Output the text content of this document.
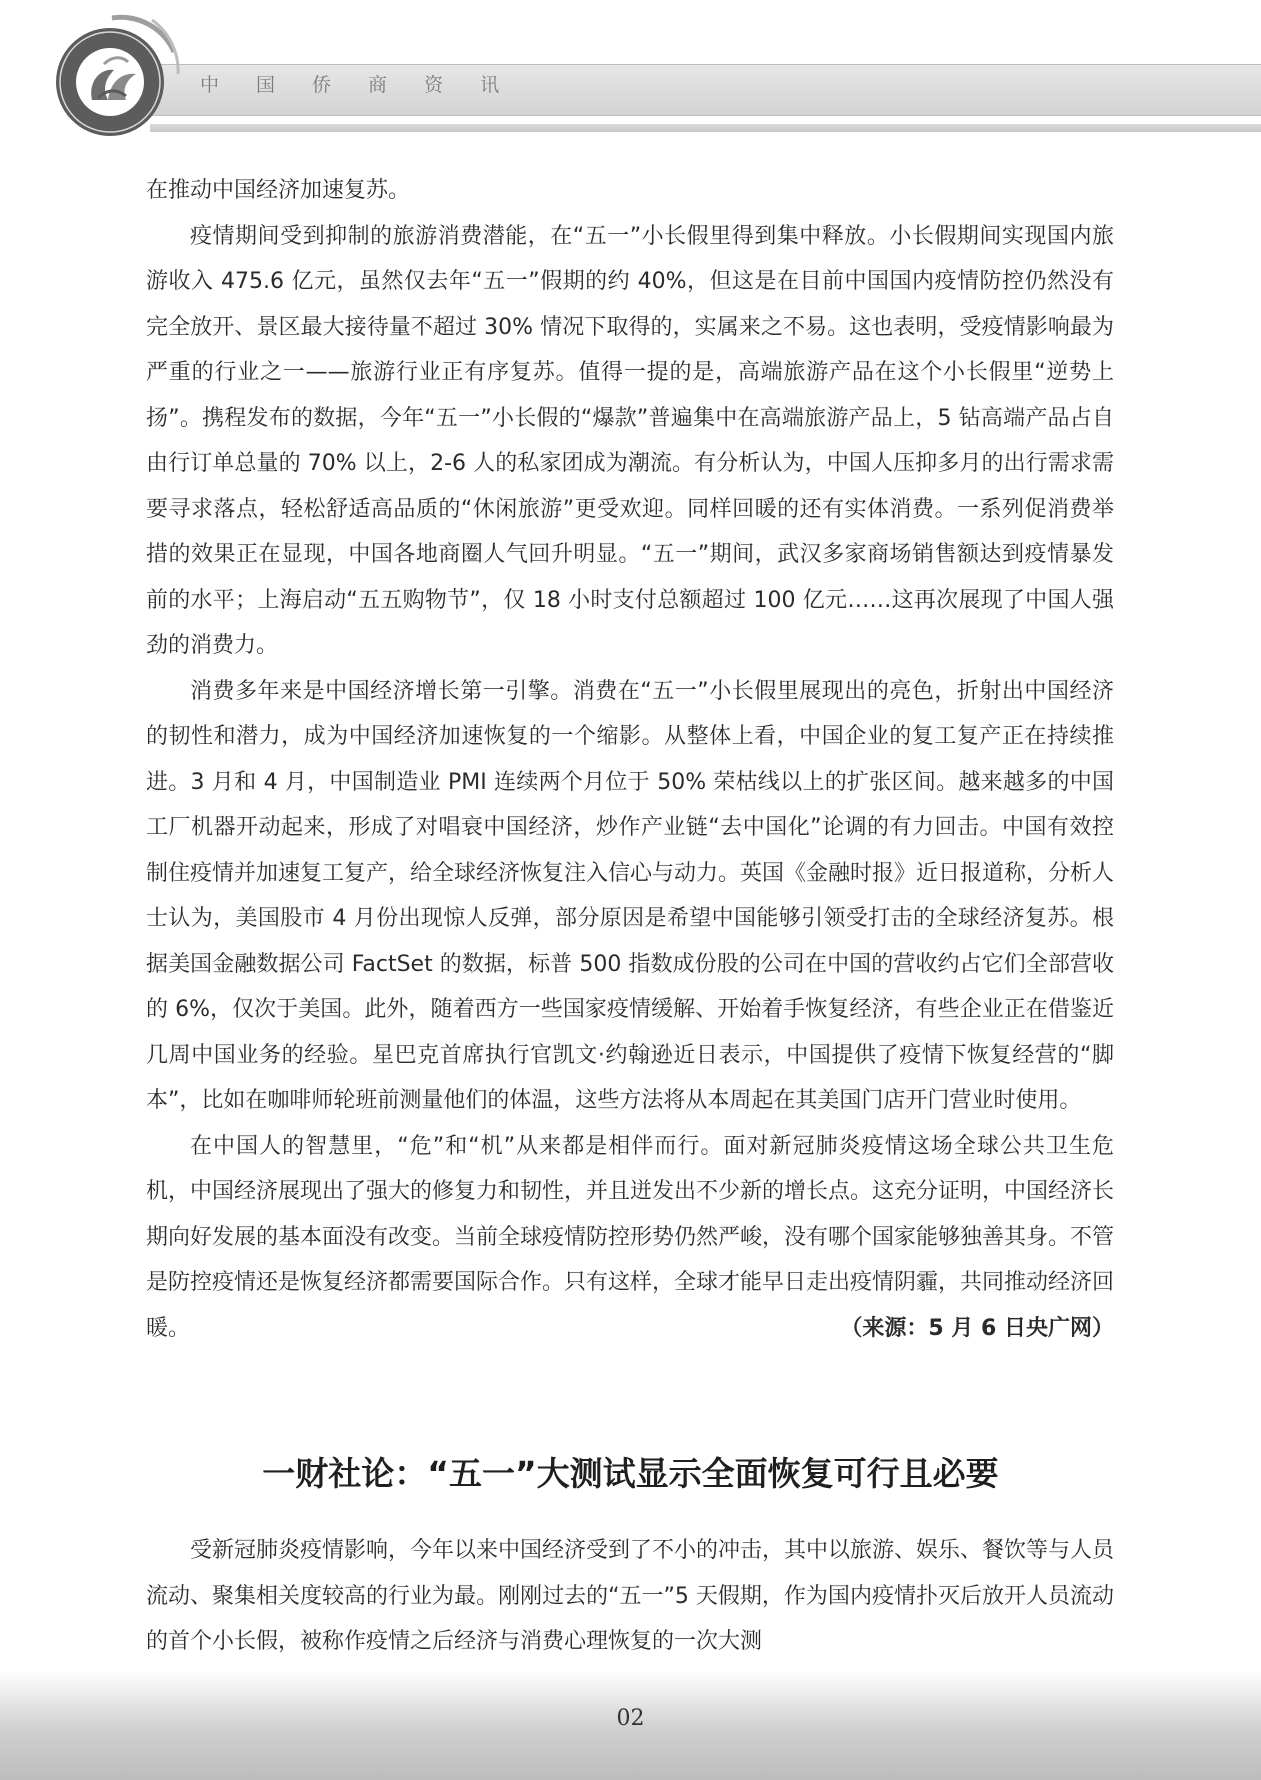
中 国 侨 商 资 讯

在推动中国经济加速复苏。

疫情期间受到抑制的旅游消费潜能，在“五一”小长假里得到集中释放。小长假期间实现国内旅游收入 475.6 亿元，虽然仅去年“五一”假期的约 40%，但这是在目前中国国内疫情防控仍然没有完全放开、景区最大接待量不超过 30% 情况下取得的，实属来之不易。这也表明，受疫情影响最为严重的行业之一——旅游行业正有序复苏。值得一提的是，高端旅游产品在这个小长假里“逆势上扬”。携程发布的数据，今年“五一”小长假的“爆款”普遍集中在高端旅游产品上，5 钻高端产品占自由行订单总量的 70% 以上，2-6 人的私家团成为潮流。有分析认为，中国人压抑多月的出行需求需要寻求落点，轻松舒适高品质的“休闲旅游”更受欢迎。同样回暖的还有实体消费。一系列促消费举措的效果正在显现，中国各地商圈人气回升明显。“五一”期间，武汉多家商场销售额达到疫情暴发前的水平；上海启动“五五购物节”，仅 18 小时支付总额超过 100 亿元……这再次展现了中国人强劲的消费力。

消费多年来是中国经济增长第一引擎。消费在“五一”小长假里展现出的亮色，折射出中国经济的韧性和潜力，成为中国经济加速恢复的一个缩影。从整体上看，中国企业的复工复产正在持续推进。3 月和 4 月，中国制造业 PMI 连续两个月位于 50% 荣枯线以上的扩张区间。越来越多的中国工厂机器开动起来，形成了对唱衰中国经济，炒作产业链“去中国化”论调的有力回击。中国有效控制住疫情并加速复工复产，给全球经济恢复注入信心与动力。英国《金融时报》近日报道称，分析人士认为，美国股市 4 月份出现惊人反弹，部分原因是希望中国能够引领受打击的全球经济复苏。根据美国金融数据公司 FactSet 的数据，标普 500 指数成份股的公司在中国的营收约占它们全部营收的 6%，仅次于美国。此外，随着西方一些国家疫情缓解、开始着手恢复经济，有些企业正在借鉴近几周中国业务的经验。星巴克首席执行官凯文·约翰逊近日表示，中国提供了疫情下恢复经营的“脚本”，比如在咖啡师轮班前测量他们的体温，这些方法将从本周起在其美国门店开门营业时使用。

在中国人的智慧里，“危”和“机”从来都是相伴而行。面对新冠肺炎疫情这场全球公共卫生危机，中国经济展现出了强大的修复力和韧性，并且迸发出不少新的增长点。这充分证明，中国经济长期向好发展的基本面没有改变。当前全球疫情防控形势仍然严峻，没有哪个国家能够独善其身。不管是防控疫情还是恢复经济都需要国际合作。只有这样，全球才能早日走出疫情阴霾，共同推动经济回暖。	（来源：5 月 6 日央广网）

一财社论：“五一”大测试显示全面恢复可行且必要

受新冠肺炎疫情影响，今年以来中国经济受到了不小的冲击，其中以旅游、娱乐、餐饮等与人员流动、聚集相关度较高的行业为最。刚刚过去的“五一”5 天假期，作为国内疫情扑灭后放开人员流动的首个小长假，被称作疫情之后经济与消费心理恢复的一次大测

02
